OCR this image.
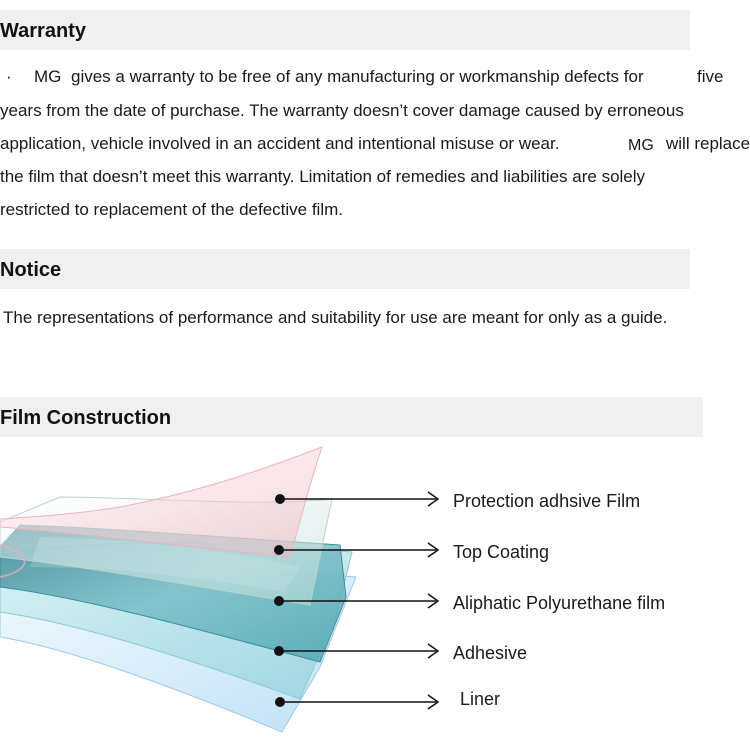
Warranty
· MG gives a warranty to be free of any manufacturing or workmanship defects for	five
years from the date of purchase. The warranty doesn’t cover damage caused by erroneous
application, vehicle involved in an accident and intentional misuse or wear.	MG will replace
the film that doesn’t meet this warranty. Limitation of remedies and liabilities are solely
restricted to replacement of the defective film.
Notice
The representations of performance and suitability for use are meant for only as a guide.
Film Construction
Protection adhsive Film
Top Coating
Aliphatic Polyurethane film
Adhesive
Liner
